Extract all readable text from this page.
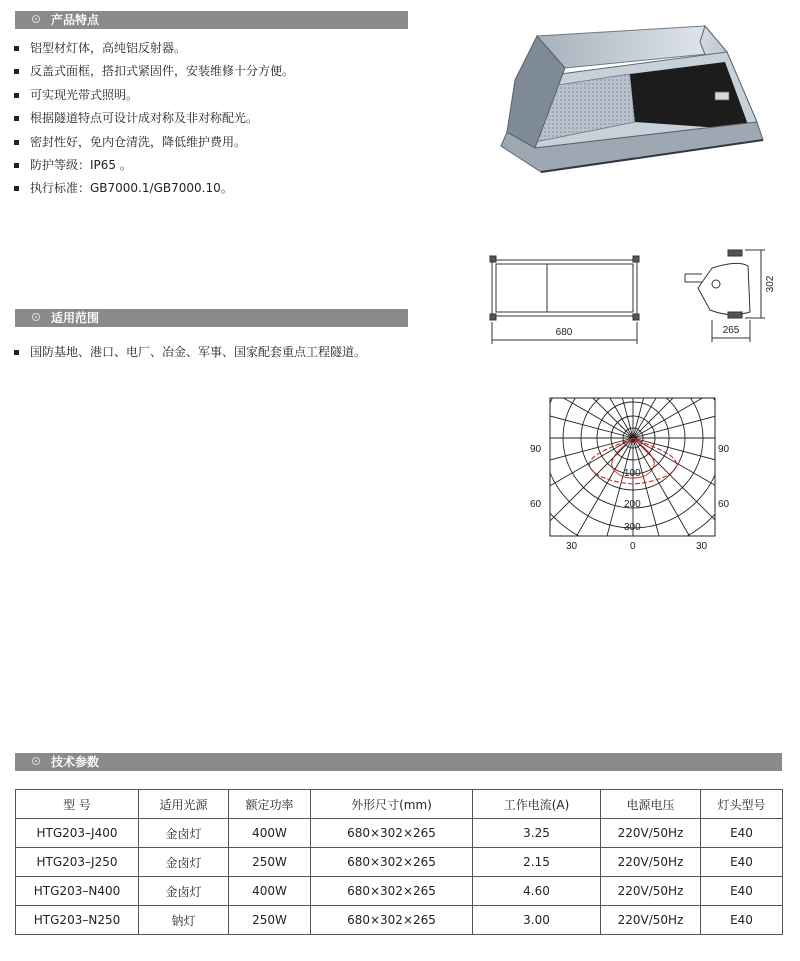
产品特点
铝型材灯体，高纯铝反射器。
反盖式面框，搭扣式紧固件，安装维修十分方便。
可实现光带式照明。
根据隧道特点可设计成对称及非对称配光。
密封性好，免内仓清洗，降低维护费用。
防护等级：IP65 。
执行标准：GB7000.1/GB7000.10。
680
302
265
90
60
90
60
100
200
300
30	0	30
适用范围
国防基地、港口、电厂、冶金、军事、国家配套重点工程隧道。
技术参数
型 号	适用光源	额定功率	外形尺寸(mm)	工作电流(A)	电源电压	灯头型号
HTG203–J400	金卤灯	400W	680×302×265	3.25	220V/50Hz	E40
HTG203–J250	金卤灯	250W	680×302×265	2.15	220V/50Hz	E40
HTG203–N400	金卤灯	400W	680×302×265	4.60	220V/50Hz	E40
HTG203–N250	钠灯	250W	680×302×265	3.00	220V/50Hz	E40
